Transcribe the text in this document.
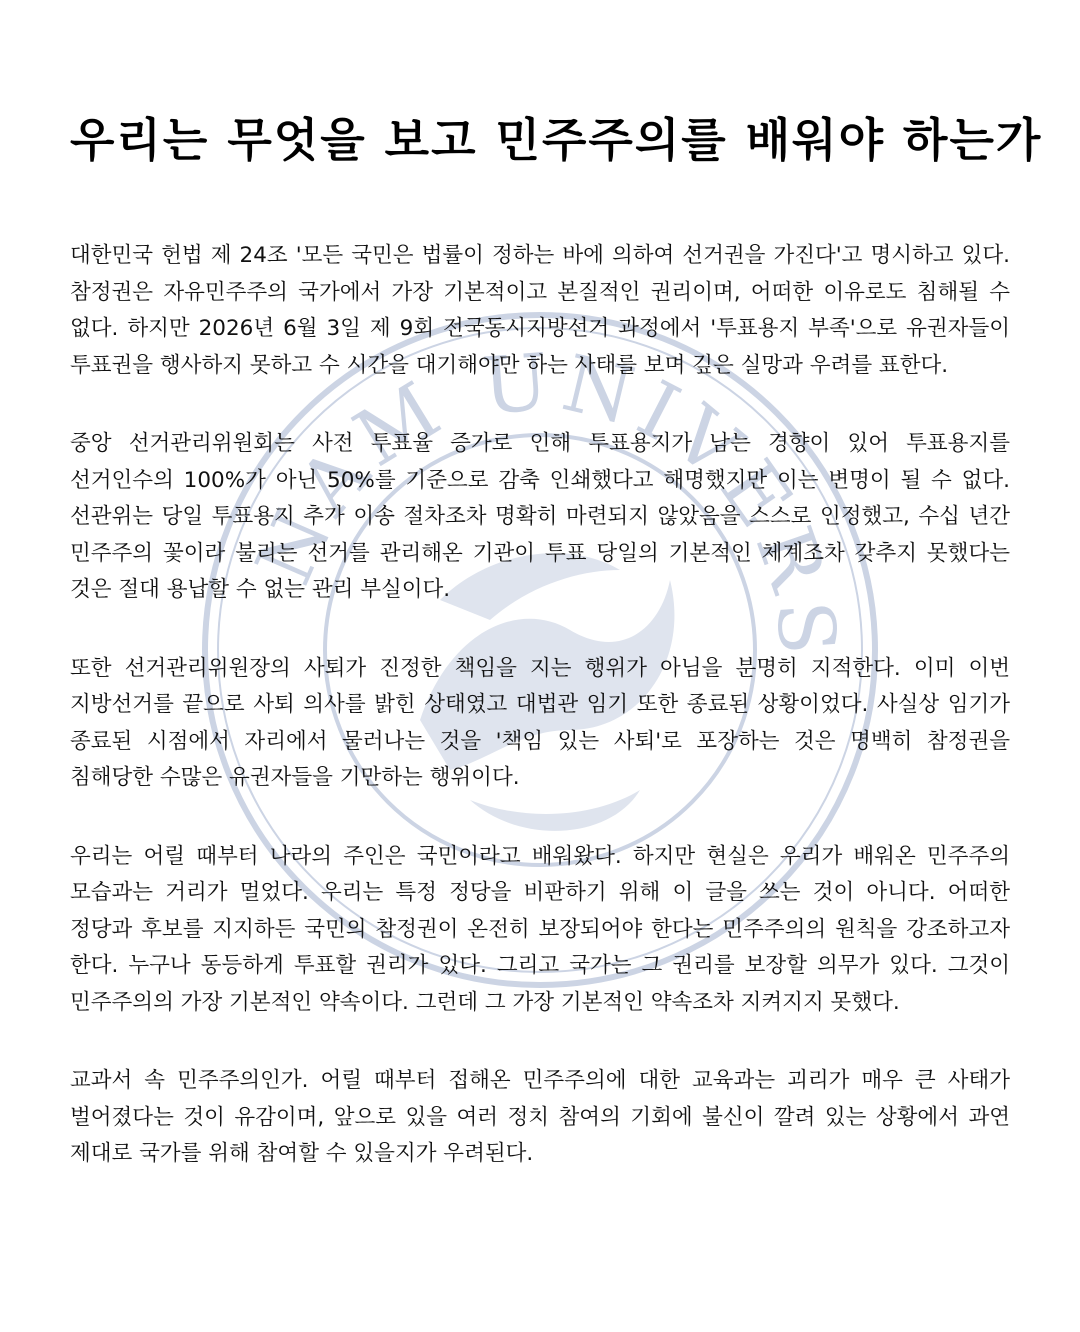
NAM UNIVERS
우리는 무엇을 보고 민주주의를 배워야 하는가

대한민국 헌법 제 24조 '모든 국민은 법률이 정하는 바에 의하여 선거권을 가진다'고 명시하고 있다. 참정권은 자유민주주의 국가에서 가장 기본적이고 본질적인 권리이며, 어떠한 이유로도 침해될 수 없다. 하지만 2026년 6월 3일 제 9회 전국동시지방선거 과정에서 '투표용지 부족'으로 유권자들이 투표권을 행사하지 못하고 수 시간을 대기해야만 하는 사태를 보며 깊은 실망과 우려를 표한다.

중앙 선거관리위원회는 사전 투표율 증가로 인해 투표용지가 남는 경향이 있어 투표용지를 선거인수의 100%가 아닌 50%를 기준으로 감축 인쇄했다고 해명했지만 이는 변명이 될 수 없다. 선관위는 당일 투표용지 추가 이송 절차조차 명확히 마련되지 않았음을 스스로 인정했고, 수십 년간 민주주의 꽃이라 불리는 선거를 관리해온 기관이 투표 당일의 기본적인 체계조차 갖추지 못했다는 것은 절대 용납할 수 없는 관리 부실이다.

또한 선거관리위원장의 사퇴가 진정한 책임을 지는 행위가 아님을 분명히 지적한다. 이미 이번 지방선거를 끝으로 사퇴 의사를 밝힌 상태였고 대법관 임기 또한 종료된 상황이었다. 사실상 임기가 종료된 시점에서 자리에서 물러나는 것을 '책임 있는 사퇴'로 포장하는 것은 명백히 참정권을 침해당한 수많은 유권자들을 기만하는 행위이다.

우리는 어릴 때부터 나라의 주인은 국민이라고 배워왔다. 하지만 현실은 우리가 배워온 민주주의 모습과는 거리가 멀었다. 우리는 특정 정당을 비판하기 위해 이 글을 쓰는 것이 아니다. 어떠한 정당과 후보를 지지하든 국민의 참정권이 온전히 보장되어야 한다는 민주주의의 원칙을 강조하고자 한다. 누구나 동등하게 투표할 권리가 있다. 그리고 국가는 그 권리를 보장할 의무가 있다. 그것이 민주주의의 가장 기본적인 약속이다. 그런데 그 가장 기본적인 약속조차 지켜지지 못했다.

교과서 속 민주주의인가. 어릴 때부터 접해온 민주주의에 대한 교육과는 괴리가 매우 큰 사태가 벌어졌다는 것이 유감이며, 앞으로 있을 여러 정치 참여의 기회에 불신이 깔려 있는 상황에서 과연 제대로 국가를 위해 참여할 수 있을지가 우려된다.
